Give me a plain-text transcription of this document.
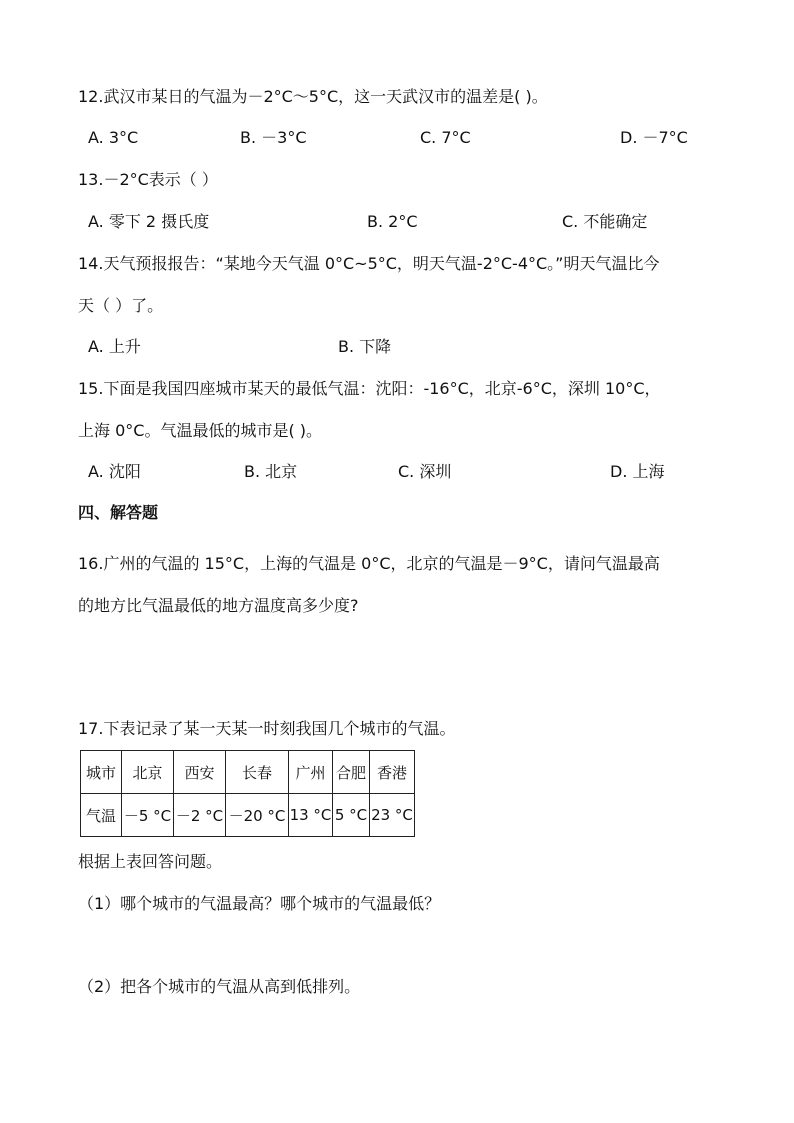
12.武汉市某日的气温为－2°C～5°C，这一天武汉市的温差是( )。
A. 3°C	B. －3°C	C. 7°C	D. －7°C
13.－2°C表示（ ）
A. 零下 2 摄氏度	B. 2°C	C. 不能确定
14.天气预报报告：“某地今天气温 0°C~5°C，明天气温-2°C-4°C。”明天气温比今
天（ ）了。
A. 上升	B. 下降
15.下面是我国四座城市某天的最低气温：沈阳：-16°C，北京-6°C，深圳 10°C，
上海 0°C。气温最低的城市是( )。
A. 沈阳	B. 北京	C. 深圳	D. 上海
四、解答题
16.广州的气温的 15°C，上海的气温是 0°C，北京的气温是－9°C，请问气温最高
的地方比气温最低的地方温度高多少度?
17.下表记录了某一天某一时刻我国几个城市的气温。
城市	北京	西安	长春	广州	合肥	香港
气温	－5 °C	－2 °C	－20 °C	13 °C	5 °C	23 °C
根据上表回答问题。
（1）哪个城市的气温最高？哪个城市的气温最低？
（2）把各个城市的气温从高到低排列。
